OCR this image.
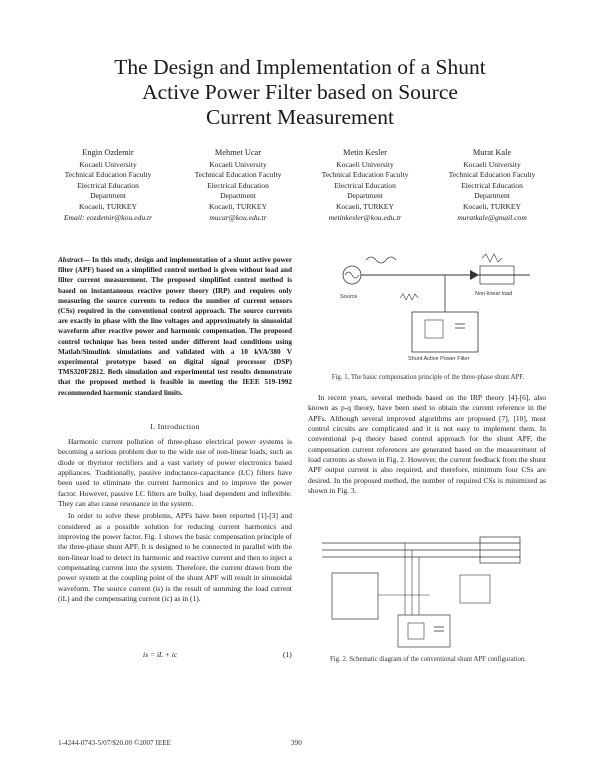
The Design and Implementation of a Shunt
Active Power Filter based on Source
Current Measurement
Engin Ozdemir
Kocaeli University
Technical Education Faculty
Electrical Education
Department
Kocaeli, TURKEY
Email: eozdemir@kou.edu.tr
Mehmet Ucar
Kocaeli University
Technical Education Faculty
Electrical Education
Department
Kocaeli, TURKEY
mucar@kou.edu.tr
Metin Kesler
Kocaeli University
Technical Education Faculty
Electrical Education
Department
Kocaeli, TURKEY
metinkesler@kou.edu.tr
Murat Kale
Kocaeli University
Technical Education Faculty
Electrical Education
Department
Kocaeli, TURKEY
muratkale@gmail.com
Abstract— In this study, design and implementation of a shunt active power filter (APF) based on a simplified control method is given without load and filter current measurement. The proposed simplified control method is based on instantaneous reactive power theory (IRP) and requires only measuring the source currents to reduce the number of current sensors (CSs) required in the conventional control approach. The source currents are exactly in phase with the line voltages and approximately in sinusoidal waveform after reactive power and harmonic compensation. The proposed control technique has been tested under different load conditions using Matlab/Simulink simulations and validated with a 10 kVA/380 V experimental prototype based on digital signal processor (DSP) TMS320F2812. Both simulation and experimental test results demonstrate that the proposed method is feasible in meeting the IEEE 519-1992 recommended harmonic standard limits.
I. Introduction

Harmonic current pollution of three-phase electrical power systems is becoming a serious problem due to the wide use of non-linear loads, such as diode or thyristor rectifiers and a vast variety of power electronics based appliances. Traditionally, passive inductance-capacitance (LC) filters have been used to eliminate the current harmonics and to improve the power factor. However, passive LC filters are bulky, load dependent and inflexible. They can also cause resonance in the system.

In order to solve these problems, APFs have been reported [1]-[3] and considered as a possible solution for reducing current harmonics and improving the power factor. Fig. 1 shows the basic compensation principle of the three-phase shunt APF. It is designed to be connected in parallel with the non-linear load to detect its harmonic and reactive current and then to inject a compensating current into the system. Therefore, the current drawn from the power system at the coupling point of the shunt APF will result in sinusoidal waveform. The source current (is) is the result of summing the load current (iL) and the compensating current (ic) as in (1).

is = iL + ic	(1)
Source	Non-linear load
Shunt Active Power Filter
Fig. 1. The basic compensation principle of the three-phase shunt APF.

In recent years, several methods based on the IRP theory [4]-[6], also known as p-q theory, have been used to obtain the current reference in the APFs. Although several improved algorithms are proposed [7], [10], most control circuits are complicated and it is not easy to implement them. In conventional p-q theory based control approach for the shunt APF, the compensation current references are generated based on the measurement of load currents as shown in Fig. 2. However, the current feedback from the shunt APF output current is also required, and therefore, minimum four CSs are desired. In the proposed method, the number of required CSs is minimized as shown in Fig. 3.

Fig. 2. Schematic diagram of the conventional shunt APF configuration.
1-4244-0743-5/07/$20.00 ©2007 IEEE	390
